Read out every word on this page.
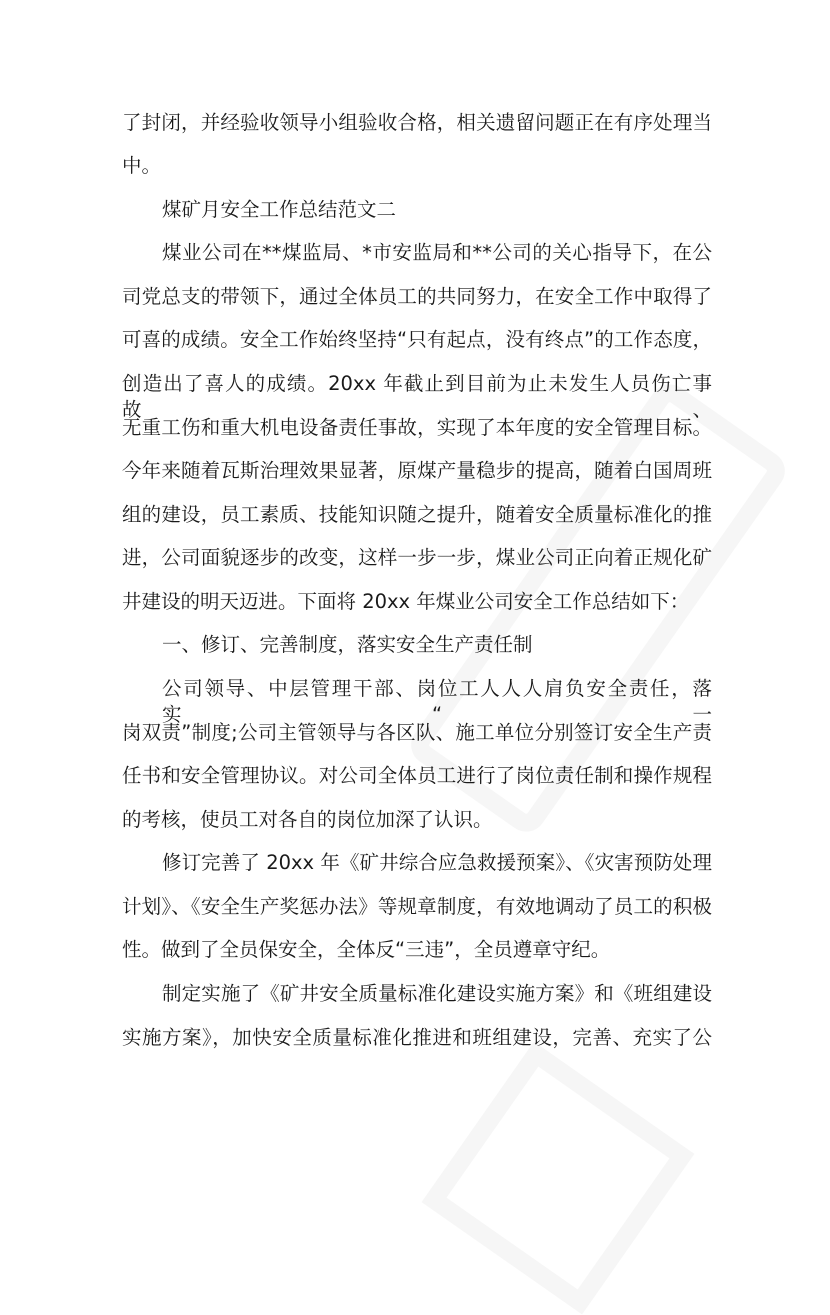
了封闭，并经验收领导小组验收合格，相关遗留问题正在有序处理当
中。
煤矿月安全工作总结范文二
煤业公司在**煤监局、*市安监局和**公司的关心指导下，在公
司党总支的带领下，通过全体员工的共同努力，在安全工作中取得了
可喜的成绩。安全工作始终坚持“只有起点，没有终点”的工作态度，
创造出了喜人的成绩。20xx 年截止到目前为止未发生人员伤亡事故、
无重工伤和重大机电设备责任事故，实现了本年度的安全管理目标。
今年来随着瓦斯治理效果显著，原煤产量稳步的提高，随着白国周班
组的建设，员工素质、技能知识随之提升，随着安全质量标准化的推
进，公司面貌逐步的改变，这样一步一步，煤业公司正向着正规化矿
井建设的明天迈进。下面将 20xx 年煤业公司安全工作总结如下：
一、修订、完善制度，落实安全生产责任制
公司领导、中层管理干部、岗位工人人人肩负安全责任，落实“一
岗双责”制度;公司主管领导与各区队、施工单位分别签订安全生产责
任书和安全管理协议。对公司全体员工进行了岗位责任制和操作规程
的考核，使员工对各自的岗位加深了认识。
修订完善了 20xx 年《矿井综合应急救援预案》、《灾害预防处理
计划》、《安全生产奖惩办法》等规章制度，有效地调动了员工的积极
性。做到了全员保安全，全体反“三违”，全员遵章守纪。
制定实施了《矿井安全质量标准化建设实施方案》和《班组建设
实施方案》，加快安全质量标准化推进和班组建设，完善、充实了公
